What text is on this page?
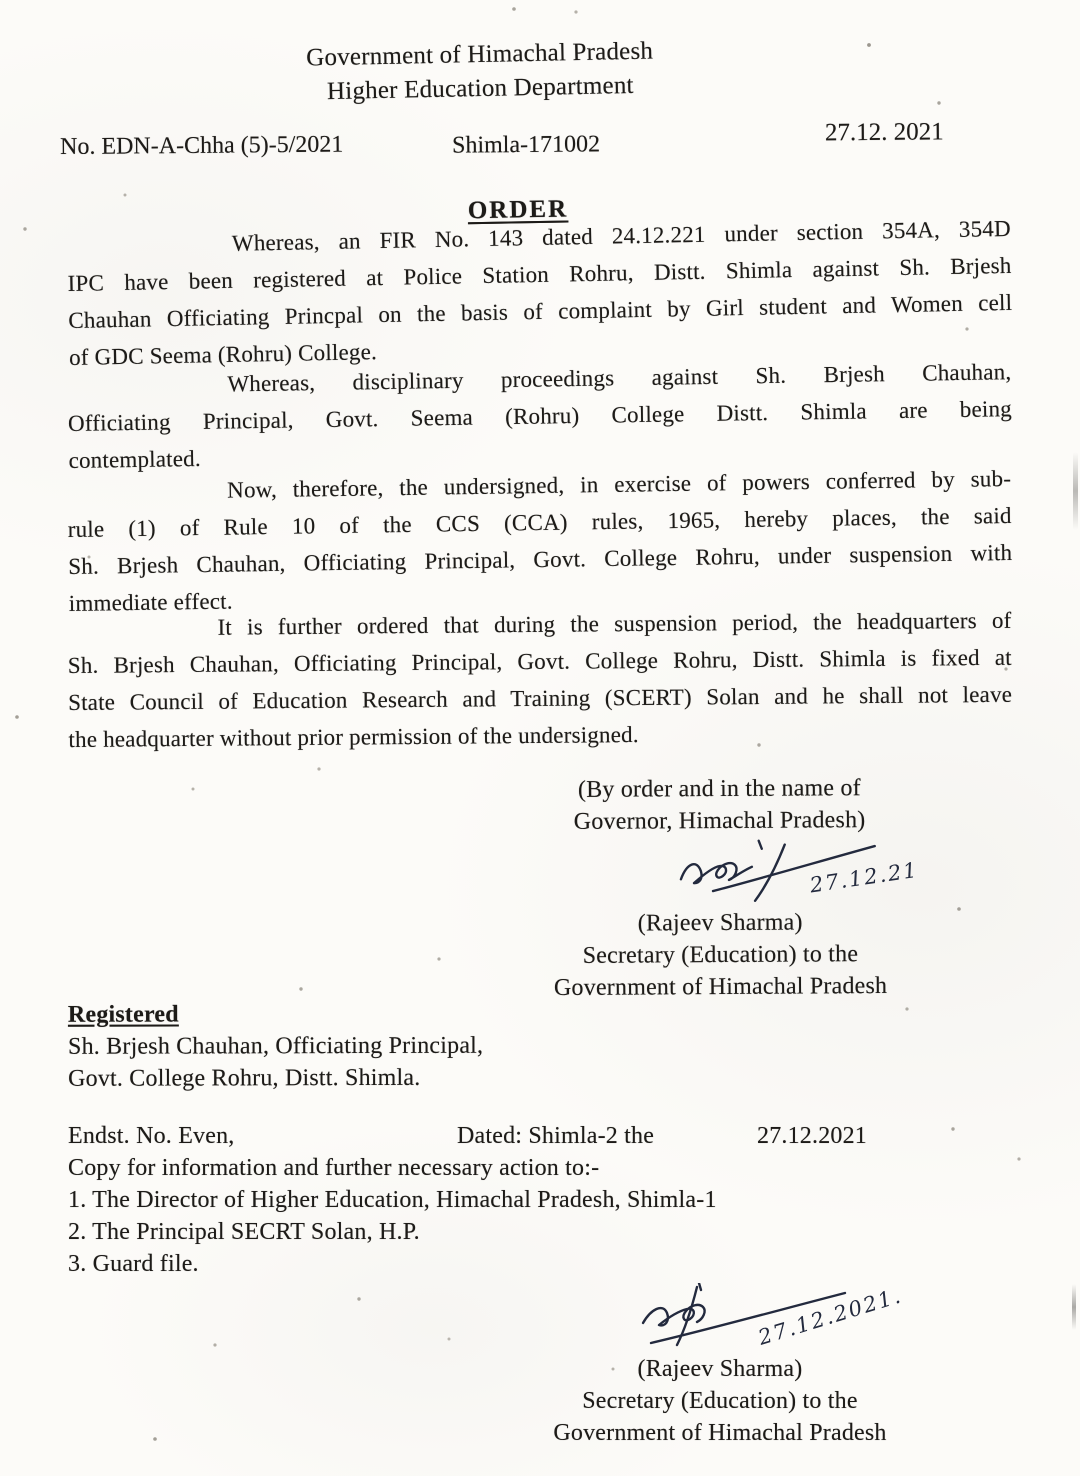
Government of Himachal Pradesh
Higher Education Department
No. EDN-A-Chha (5)-5/2021	Shimla-171002	27.12. 2021
ORDER
Whereas, an FIR No. 143 dated 24.12.221 under section 354A, 354D
IPC have been registered at Police Station Rohru, Distt. Shimla against Sh. Brjesh
Chauhan Officiating Princpal on the basis of complaint by Girl student and Women cell
of GDC Seema (Rohru) College.
Whereas, disciplinary proceedings against Sh. Brjesh Chauhan,
Officiating Principal, Govt. Seema (Rohru) College Distt. Shimla are being
contemplated.
Now, therefore, the undersigned, in exercise of powers conferred by sub-
rule (1) of Rule 10 of the CCS (CCA) rules, 1965, hereby places, the said
Sh. Brjesh Chauhan, Officiating Principal, Govt. College Rohru, under suspension with
immediate effect.
It is further ordered that during the suspension period, the headquarters of
Sh. Brjesh Chauhan, Officiating Principal, Govt. College Rohru, Distt. Shimla is fixed at
State Council of Education Research and Training (SCERT) Solan and he shall not leave
the headquarter without prior permission of the undersigned.
(By order and in the name of
Governor, Himachal Pradesh)
27.12.21
(Rajeev Sharma)
Secretary (Education) to the
Government of Himachal Pradesh
Registered
Sh. Brjesh Chauhan, Officiating Principal,
Govt. College Rohru, Distt. Shimla.
Endst. No. Even,	Dated: Shimla-2 the	27.12.2021
Copy for information and further necessary action to:-
1. The Director of Higher Education, Himachal Pradesh, Shimla-1
2. The Principal SECRT Solan, H.P.
3. Guard file.
27.12.2021.
(Rajeev Sharma)
Secretary (Education) to the
Government of Himachal Pradesh
